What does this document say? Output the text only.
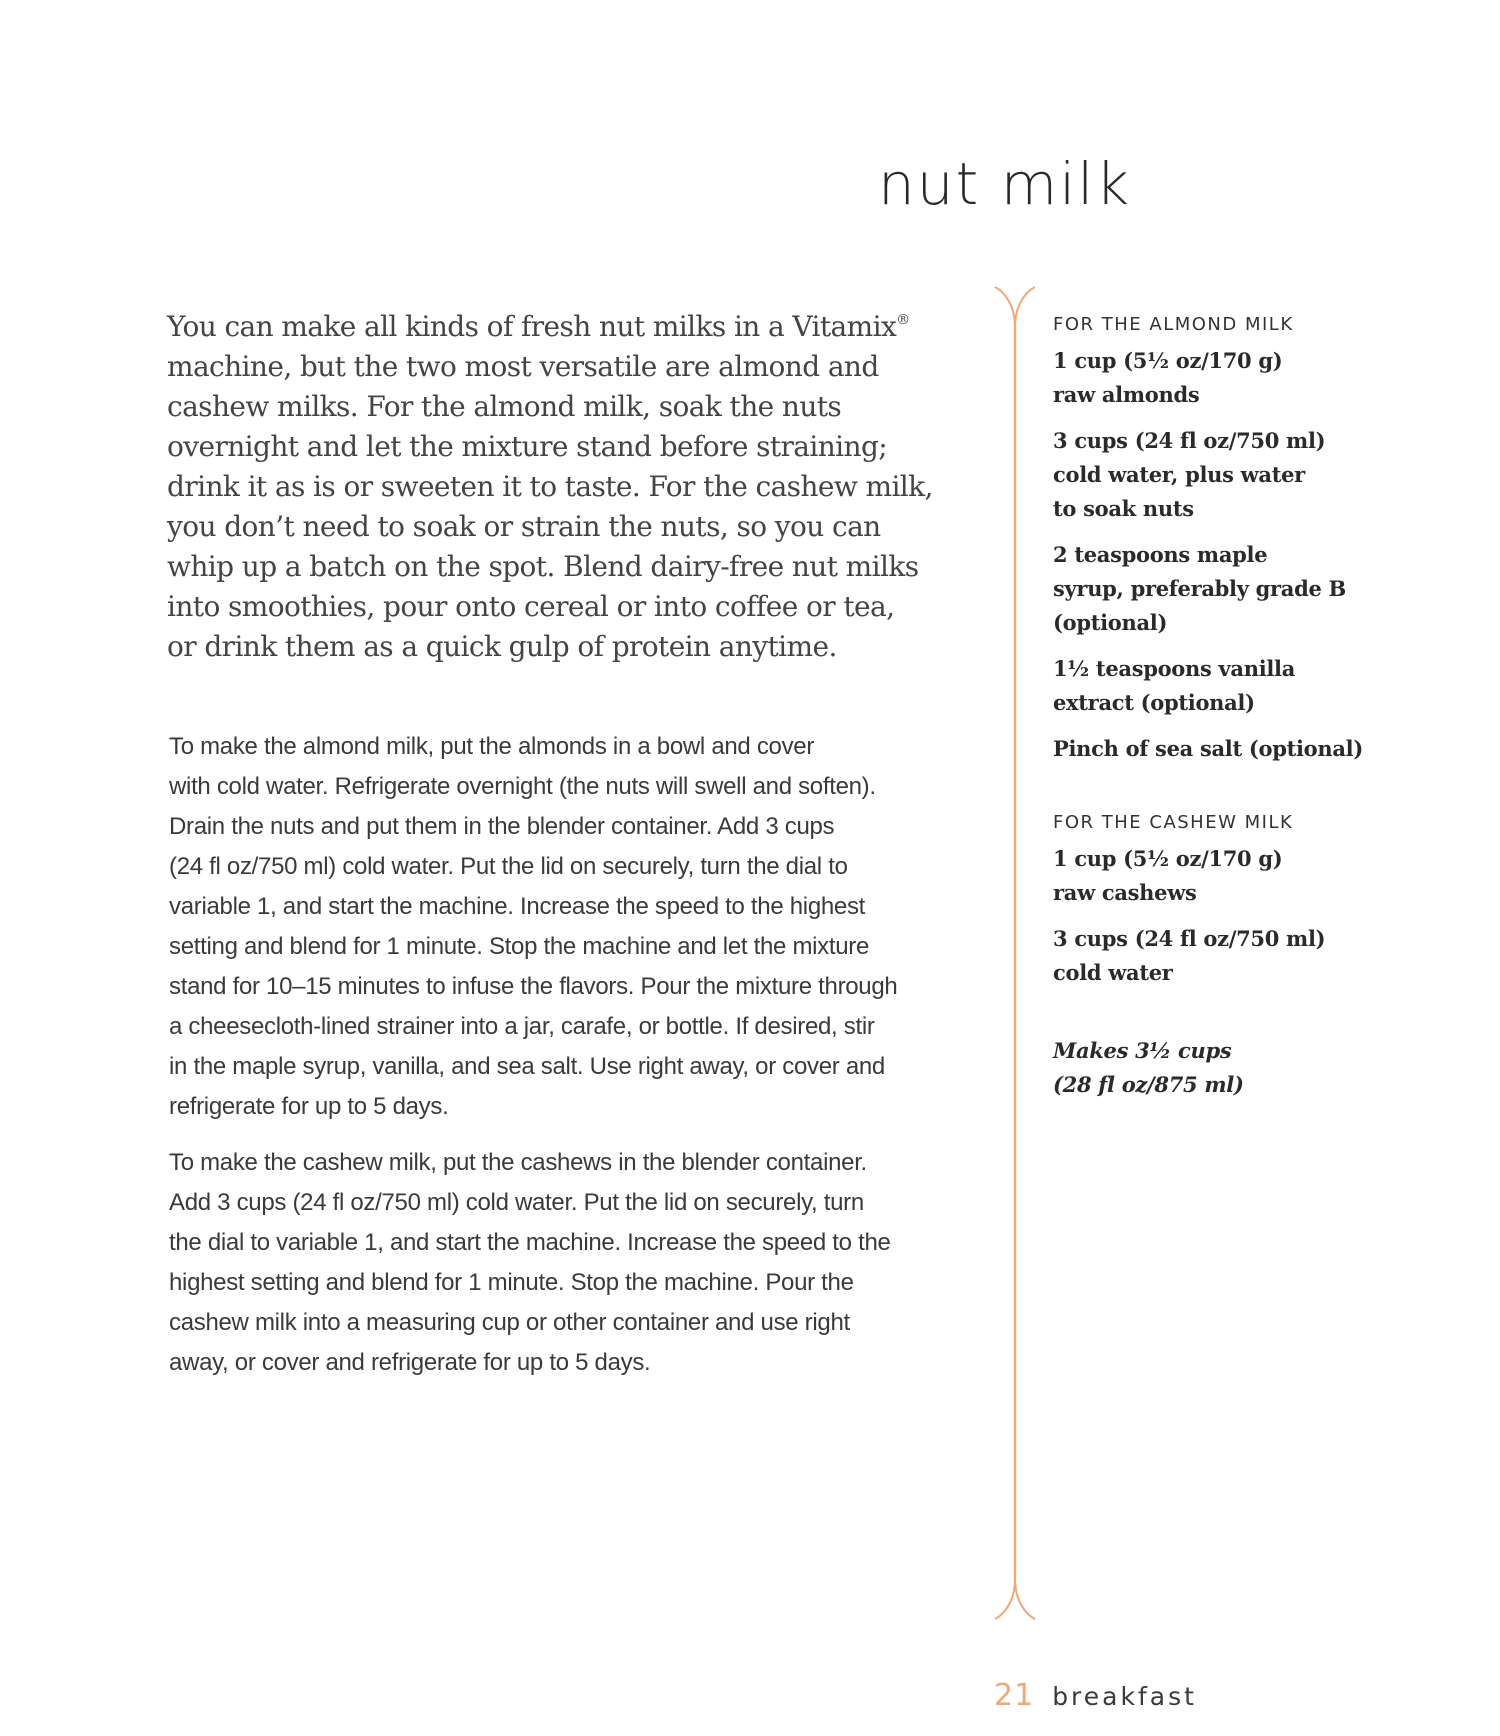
nut milk
You can make all kinds of fresh nut milks in a Vitamix®
machine, but the two most versatile are almond and
cashew milks. For the almond milk, soak the nuts
overnight and let the mixture stand before straining;
drink it as is or sweeten it to taste. For the cashew milk,
you don’t need to soak or strain the nuts, so you can
whip up a batch on the spot. Blend dairy-free nut milks
into smoothies, pour onto cereal or into coffee or tea,
or drink them as a quick gulp of protein anytime.
To make the almond milk, put the almonds in a bowl and cover
with cold water. Refrigerate overnight (the nuts will swell and soften).
Drain the nuts and put them in the blender container. Add 3 cups
(24 fl oz/750 ml) cold water. Put the lid on securely, turn the dial to
variable 1, and start the machine. Increase the speed to the highest
setting and blend for 1 minute. Stop the machine and let the mixture
stand for 10–15 minutes to infuse the flavors. Pour the mixture through
a cheesecloth-lined strainer into a jar, carafe, or bottle. If desired, stir
in the maple syrup, vanilla, and sea salt. Use right away, or cover and
refrigerate for up to 5 days.
To make the cashew milk, put the cashews in the blender container.
Add 3 cups (24 fl oz/750 ml) cold water. Put the lid on securely, turn
the dial to variable 1, and start the machine. Increase the speed to the
highest setting and blend for 1 minute. Stop the machine. Pour the
cashew milk into a measuring cup or other container and use right
away, or cover and refrigerate for up to 5 days.
FOR THE ALMOND MILK
1 cup (5½ oz/170 g)
raw almonds
3 cups (24 fl oz/750 ml)
cold water, plus water
to soak nuts
2 teaspoons maple
syrup, preferably grade B
(optional)
1½ teaspoons vanilla
extract (optional)
Pinch of sea salt (optional)
FOR THE CASHEW MILK
1 cup (5½ oz/170 g)
raw cashews
3 cups (24 fl oz/750 ml)
cold water
Makes 3½ cups
(28 fl oz/875 ml)
21 breakfast
